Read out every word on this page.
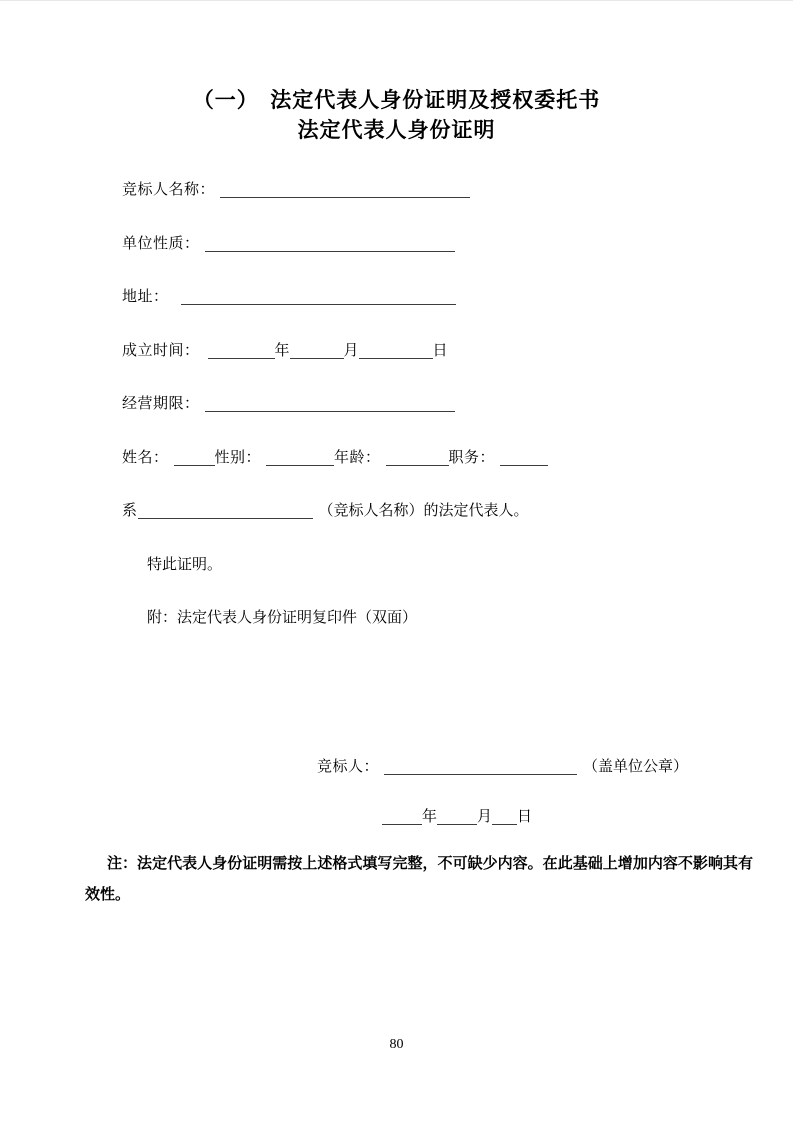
（一）　法定代表人身份证明及授权委托书
法定代表人身份证明
竞标人名称：
单位性质：
地址：
成立时间：	年	月	日
经营期限：
姓名：	性别：	年龄：	职务：
系	（竞标人名称）的法定代表人。
特此证明。
附：法定代表人身份证明复印件（双面）
竞标人：	（盖单位公章）
年	月 日

注：法定代表人身份证明需按上述格式填写完整，不可缺少内容。在此基础上增加内容不影响其有效性。

80
